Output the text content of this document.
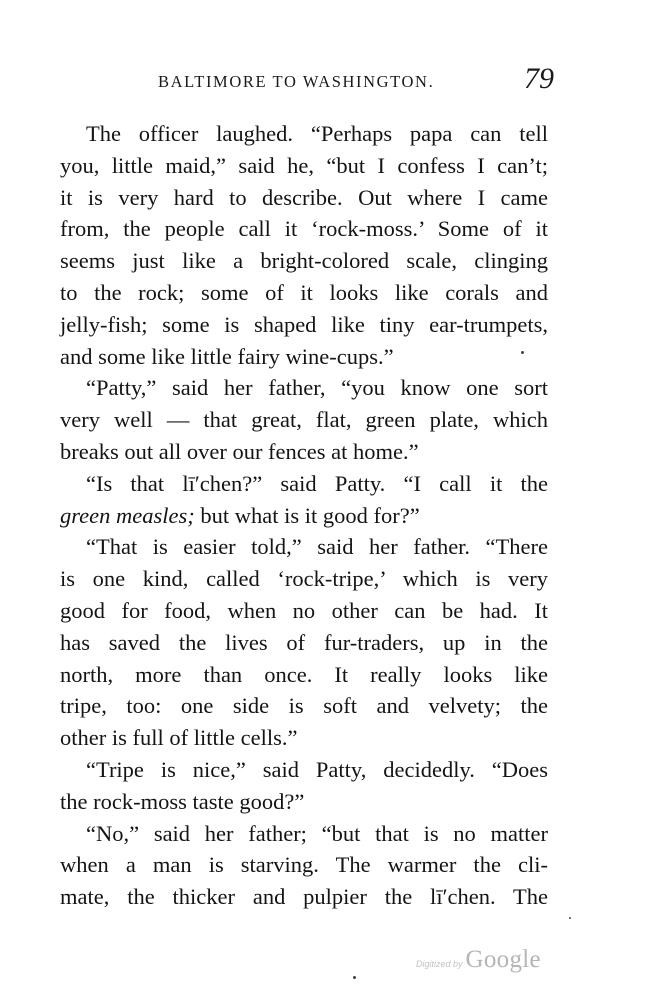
BALTIMORE TO WASHINGTON.	79
The officer laughed. “Perhaps papa can tell
you, little maid,” said he, “but I confess I can’t;
it is very hard to describe. Out where I came
from, the people call it ‘rock-moss.’ Some of it
seems just like a bright-colored scale, clinging
to the rock; some of it looks like corals and
jelly-fish; some is shaped like tiny ear-trumpets,
and some like little fairy wine-cups.”
“Patty,” said her father, “you know one sort
very well — that great, flat, green plate, which
breaks out all over our fences at home.”
“Is that lī′chen?” said Patty. “I call it the
green measles; but what is it good for?”
“That is easier told,” said her father. “There
is one kind, called ‘rock-tripe,’ which is very
good for food, when no other can be had. It
has saved the lives of fur-traders, up in the
north, more than once. It really looks like
tripe, too: one side is soft and velvety; the
other is full of little cells.”
“Tripe is nice,” said Patty, decidedly. “Does
the rock-moss taste good?”
“No,” said her father; “but that is no matter
when a man is starving. The warmer the cli-
mate, the thicker and pulpier the lī′chen. The
Digitized by Google
